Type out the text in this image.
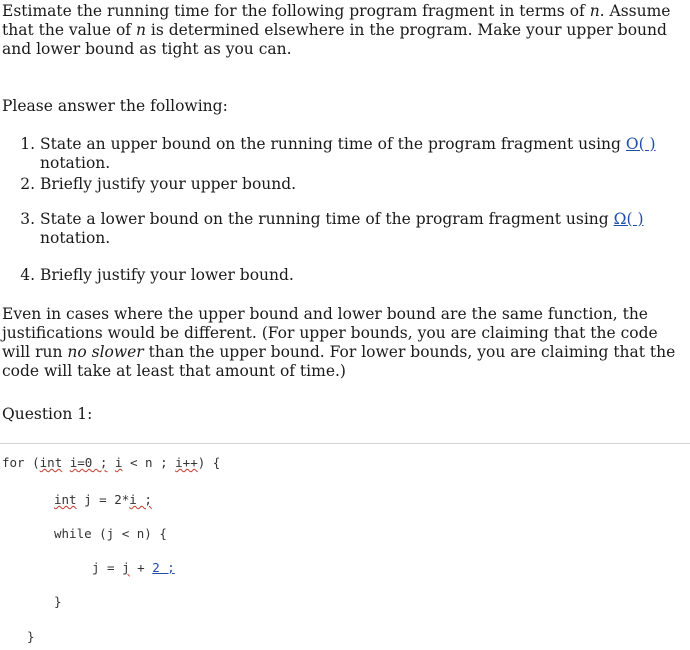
Estimate the running time for the following program fragment in terms of n. Assume that the value of n is determined elsewhere in the program. Make your upper bound and lower bound as tight as you can.

Please answer the following:

1. State an upper bound on the running time of the program fragment using O( ) notation.
2. Briefly justify your upper bound.
3. State a lower bound on the running time of the program fragment using Ω( ) notation.
4. Briefly justify your lower bound.

Even in cases where the upper bound and lower bound are the same function, the justifications would be different. (For upper bounds, you are claiming that the code will run no slower than the upper bound. For lower bounds, you are claiming that the code will take at least that amount of time.)

Question 1:

for (int i=0 ; i < n ; i++) {
int j = 2*i ;
while (j < n) {
j = j + 2 ;
}
}
